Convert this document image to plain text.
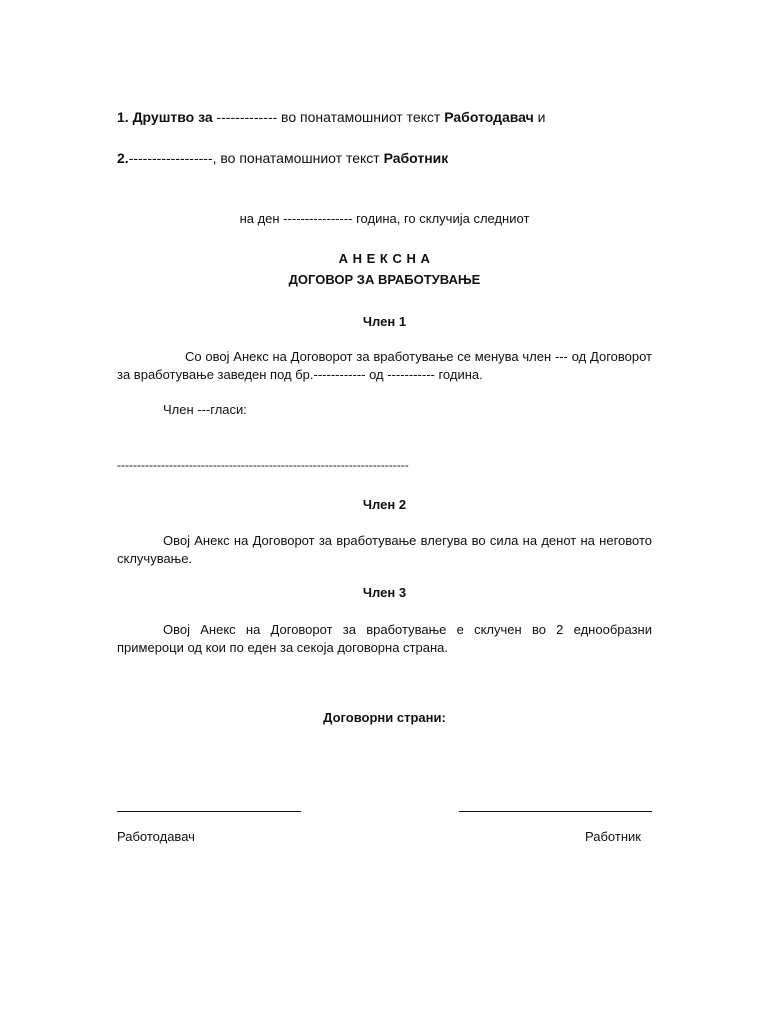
1. Друштво за ------------- во понатамошниот текст Работодавач и
2.------------------, во понатамошниот текст Работник
на ден ---------------- година, го склучија следниот
А Н Е К С Н А
ДОГОВОР ЗА ВРАБОТУВАЊЕ
Член 1
Со овој Анекс на Договорот за вработување се менува член --- од Договорот за вработување заведен под бр.------------ од ----------- година.
Член ---гласи:
-------------------------------------------------------------------------
Член 2
Овој Анекс на Договорот за вработување влегува во сила на денот на неговото склучување.
Член 3
Овој Анекс на Договорот за вработување е склучен во 2 еднообразни примероци од кои по еден за секоја договорна страна.
Договорни страни:
Работодавач	Работник
